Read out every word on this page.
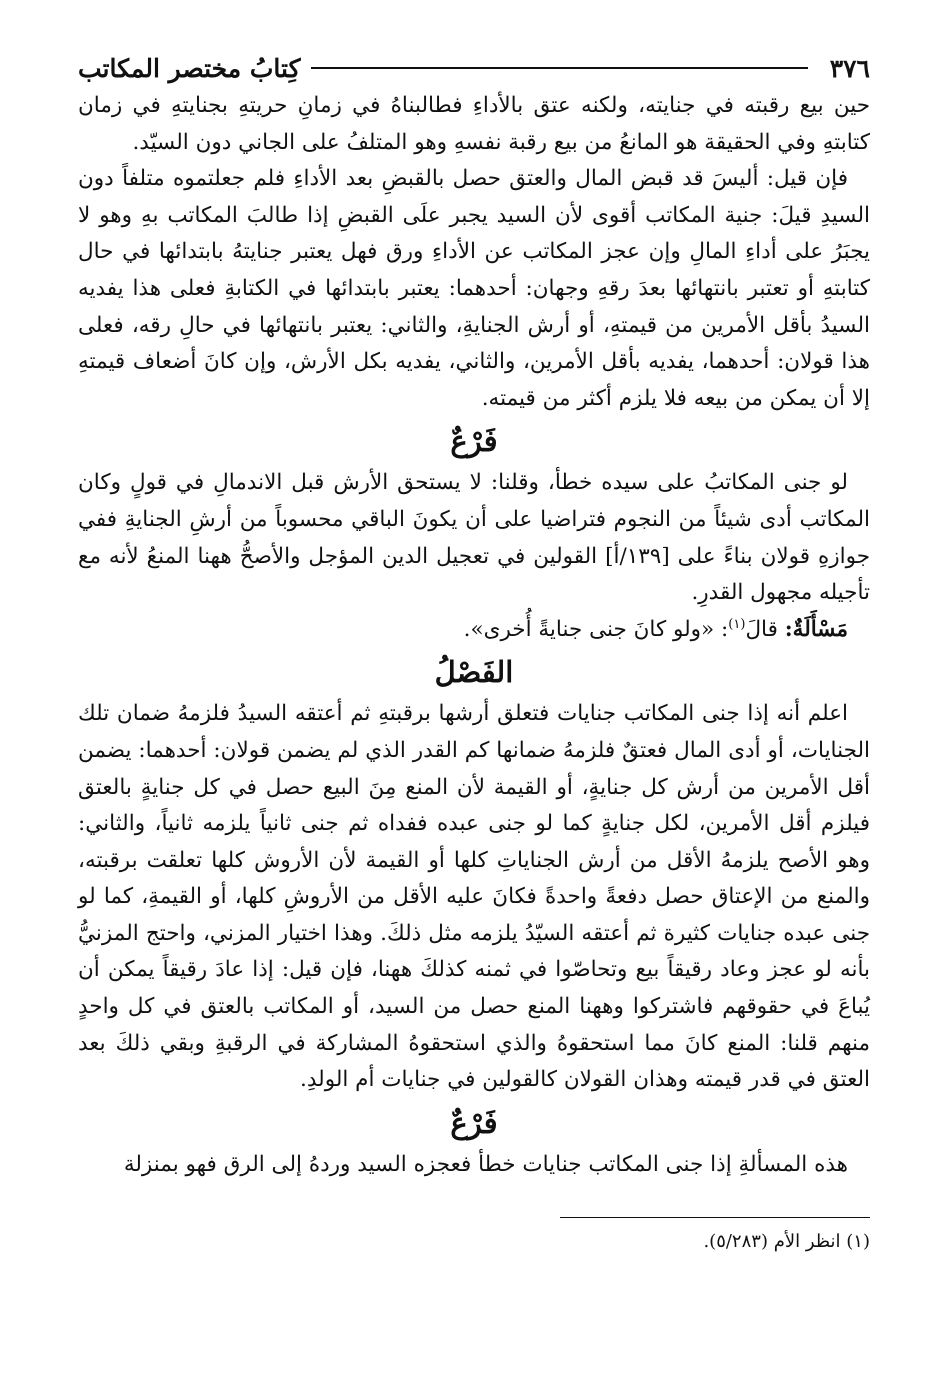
٣٧٦
كِتابُ مختصر المكاتب

حين بيع رقبته في جنايته، ولكنه عتق بالأداءِ فطالبناهُ في زمانِ حريتهِ بجنايتهِ في زمان كتابتهِ وفي الحقيقة هو المانعُ من بيع رقبة نفسهِ وهو المتلفُ على الجاني دون السيّد.

فإن قيل: أليسَ قد قبض المال والعتق حصل بالقبضِ بعد الأداءِ فلم جعلتموه متلفاً دون السيدِ قيلَ: جنية المكاتب أقوى لأن السيد يجبر علَى القبضِ إذا طالبَ المكاتب بهِ وهو لا يجبَرُ على أداءِ المالِ وإن عجز المكاتب عن الأداءِ ورق فهل يعتبر جنايتهُ بابتدائها في حال كتابتهِ أو تعتبر بانتهائها بعدَ رقهِ وجهان: أحدهما: يعتبر بابتدائها في الكتابةِ فعلى هذا يفديه السيدُ بأقل الأمرين من قيمتهِ، أو أرش الجنايةِ، والثاني: يعتبر بانتهائها في حالِ رقه، فعلى هذا قولان: أحدهما، يفديه بأقل الأمرين، والثاني، يفديه بكل الأرش، وإن كانَ أضعاف قيمتهِ إلا أن يمكن من بيعه فلا يلزم أكثر من قيمته.

فَرْعٌ

لو جنى المكاتبُ على سيده خطأ، وقلنا: لا يستحق الأرش قبل الاندمالِ في قولٍ وكان المكاتب أدى شيئاً من النجوم فتراضيا على أن يكونَ الباقي محسوباً من أرشِ الجنايةِ ففي جوازهِ قولان بناءً على [١٣٩/أ] القولين في تعجيل الدين المؤجل والأصحُّ ههنا المنعُ لأنه مع تأجيله مجهول القدرِ.

مَسْأَلَةٌ: قالَ$^{(١)}$: «ولو كانَ جنى جنايةً أُخرى».

الفَصْلُ

اعلم أنه إذا جنى المكاتب جنايات فتعلق أرشها برقبتهِ ثم أعتقه السيدُ فلزمهُ ضمان تلك الجنايات، أو أدى المال فعتقٌ فلزمهُ ضمانها كم القدر الذي لم يضمن قولان: أحدهما: يضمن أقل الأمرين من أرش كل جنايةٍ، أو القيمة لأن المنع مِنَ البيع حصل في كل جنايةٍ بالعتق فيلزم أقل الأمرين، لكل جنايةٍ كما لو جنى عبده ففداه ثم جنى ثانياً يلزمه ثانياً، والثاني: وهو الأصح يلزمهُ الأقل من أرش الجناياتِ كلها أو القيمة لأن الأروش كلها تعلقت برقبته، والمنع من الإعتاق حصل دفعةً واحدةً فكانَ عليه الأقل من الأروشِ كلها، أو القيمةِ، كما لو جنى عبده جنايات كثيرة ثم أعتقه السيّدُ يلزمه مثل ذلكَ. وهذا اختيار المزني، واحتج المزنيُّ بأنه لو عجز وعاد رقيقاً بيع وتحاصّوا في ثمنه كذلكَ ههنا، فإن قيل: إذا عادَ رقيقاً يمكن أن يُباعَ في حقوقهم فاشتركوا وههنا المنع حصل من السيد، أو المكاتب بالعتق في كل واحدٍ منهم قلنا: المنع كانَ مما استحقوهُ والذي استحقوهُ المشاركة في الرقبةِ وبقي ذلكَ بعد العتق في قدر قيمته وهذان القولان كالقولين في جنايات أم الولدِ.

فَرْعٌ

هذه المسألةِ إذا جنى المكاتب جنايات خطأ فعجزه السيد وردهُ إلى الرق فهو بمنزلة

(١) انظر الأم (٥/٢٨٣).
